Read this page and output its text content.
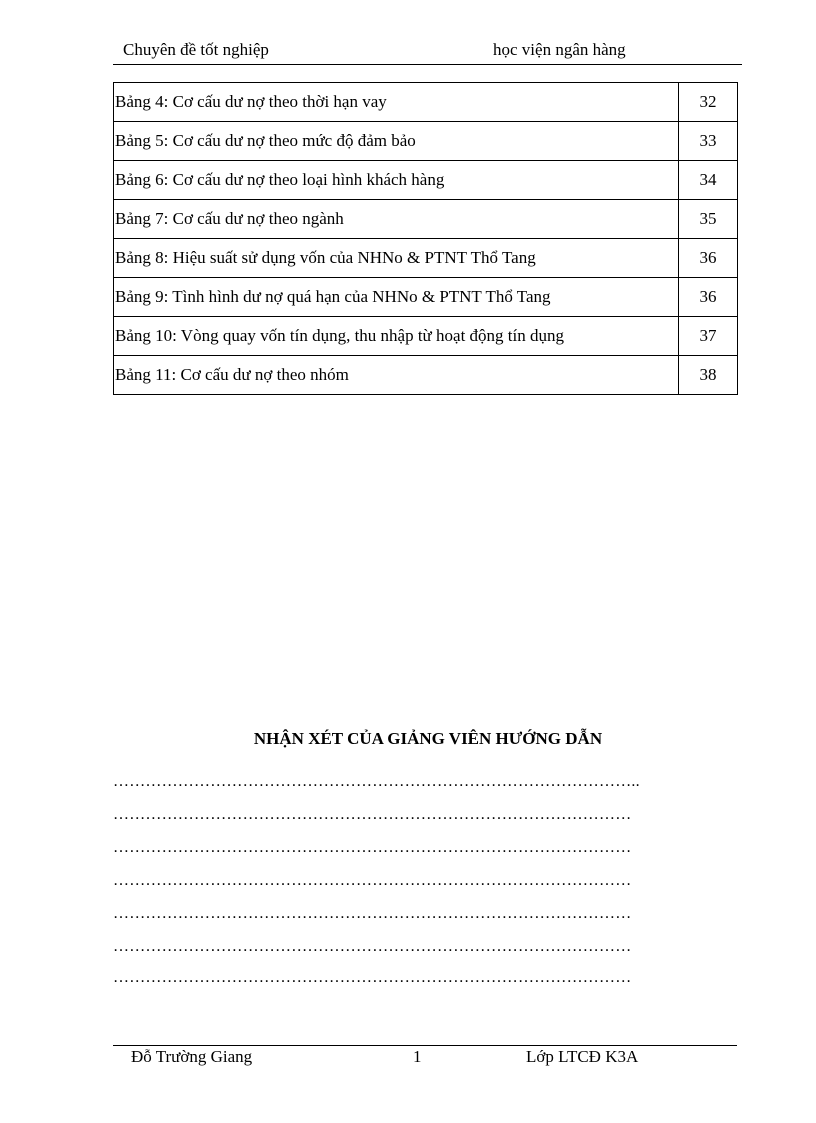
Chuyên đề tốt nghiệp	học viện ngân hàng
Bảng 4: Cơ cấu dư nợ theo thời hạn vay	32
Bảng 5: Cơ cấu dư nợ theo mức độ đảm bảo	33
Bảng 6: Cơ cấu dư nợ theo loại hình khách hàng	34
Bảng 7: Cơ cấu dư nợ theo ngành	35
Bảng 8: Hiệu suất sử dụng vốn của NHNo & PTNT Thổ Tang	36
Bảng 9: Tình hình dư nợ quá hạn của NHNo & PTNT Thổ Tang	36
Bảng 10: Vòng quay vốn tín dụng, thu nhập từ hoạt động tín dụng	37
Bảng 11: Cơ cấu dư nợ theo nhóm	38
NHẬN XÉT CỦA GIẢNG VIÊN HƯỚNG DẪN
……………………………………………………………………………………..
……………………………………………………………………………………
……………………………………………………………………………………
……………………………………………………………………………………
……………………………………………………………………………………
……………………………………………………………………………………
……………………………………………………………………………………
Đỗ Trường Giang	1	Lớp LTCĐ K3A
